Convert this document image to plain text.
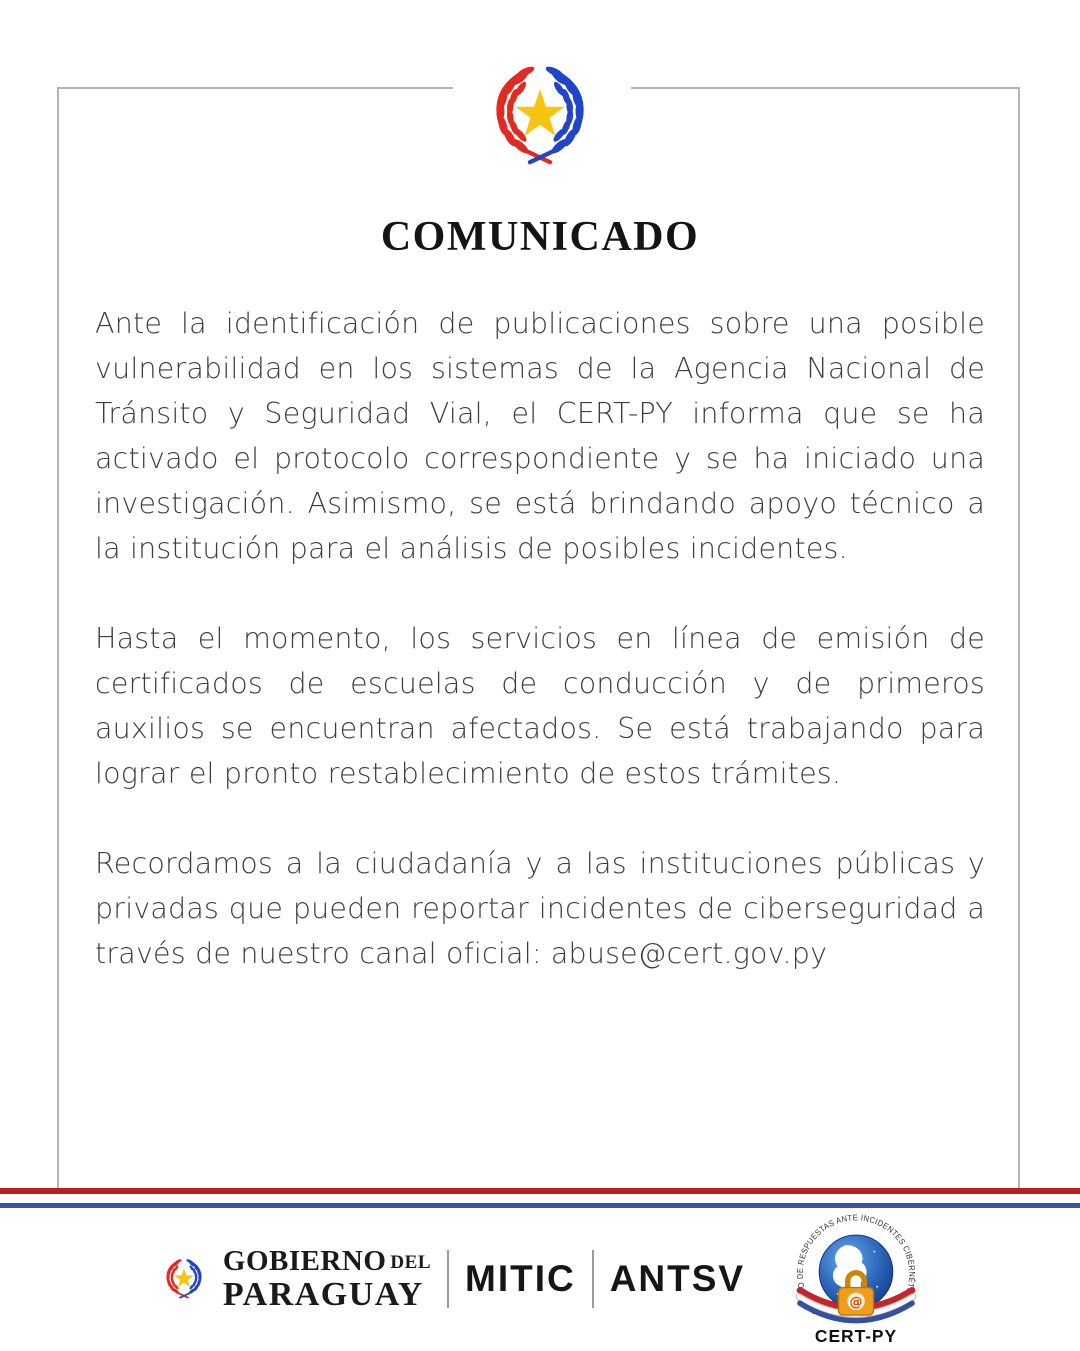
COMUNICADO

Ante la identificación de publicaciones sobre una posible vulnerabilidad en los sistemas de la Agencia Nacional de Tránsito y Seguridad Vial, el CERT-PY informa que se ha activado el protocolo correspondiente y se ha iniciado una investigación. Asimismo, se está brindando apoyo técnico a la institución para el análisis de posibles incidentes.

Hasta el momento, los servicios en línea de emisión de certificados de escuelas de conducción y de primeros auxilios se encuentran afectados. Se está trabajando para lograr el pronto restablecimiento de estos trámites.

Recordamos a la ciudadanía y a las instituciones públicas y privadas que pueden reportar incidentes de ciberseguridad a través de nuestro canal oficial: abuse@cert.gov.py

GOBIERNO DEL
PARAGUAY MITIC ANTSV
CENTRO DE RESPUESTAS ANTE INCIDENTES CIBERNÉTICOS
@
CERT-PY
